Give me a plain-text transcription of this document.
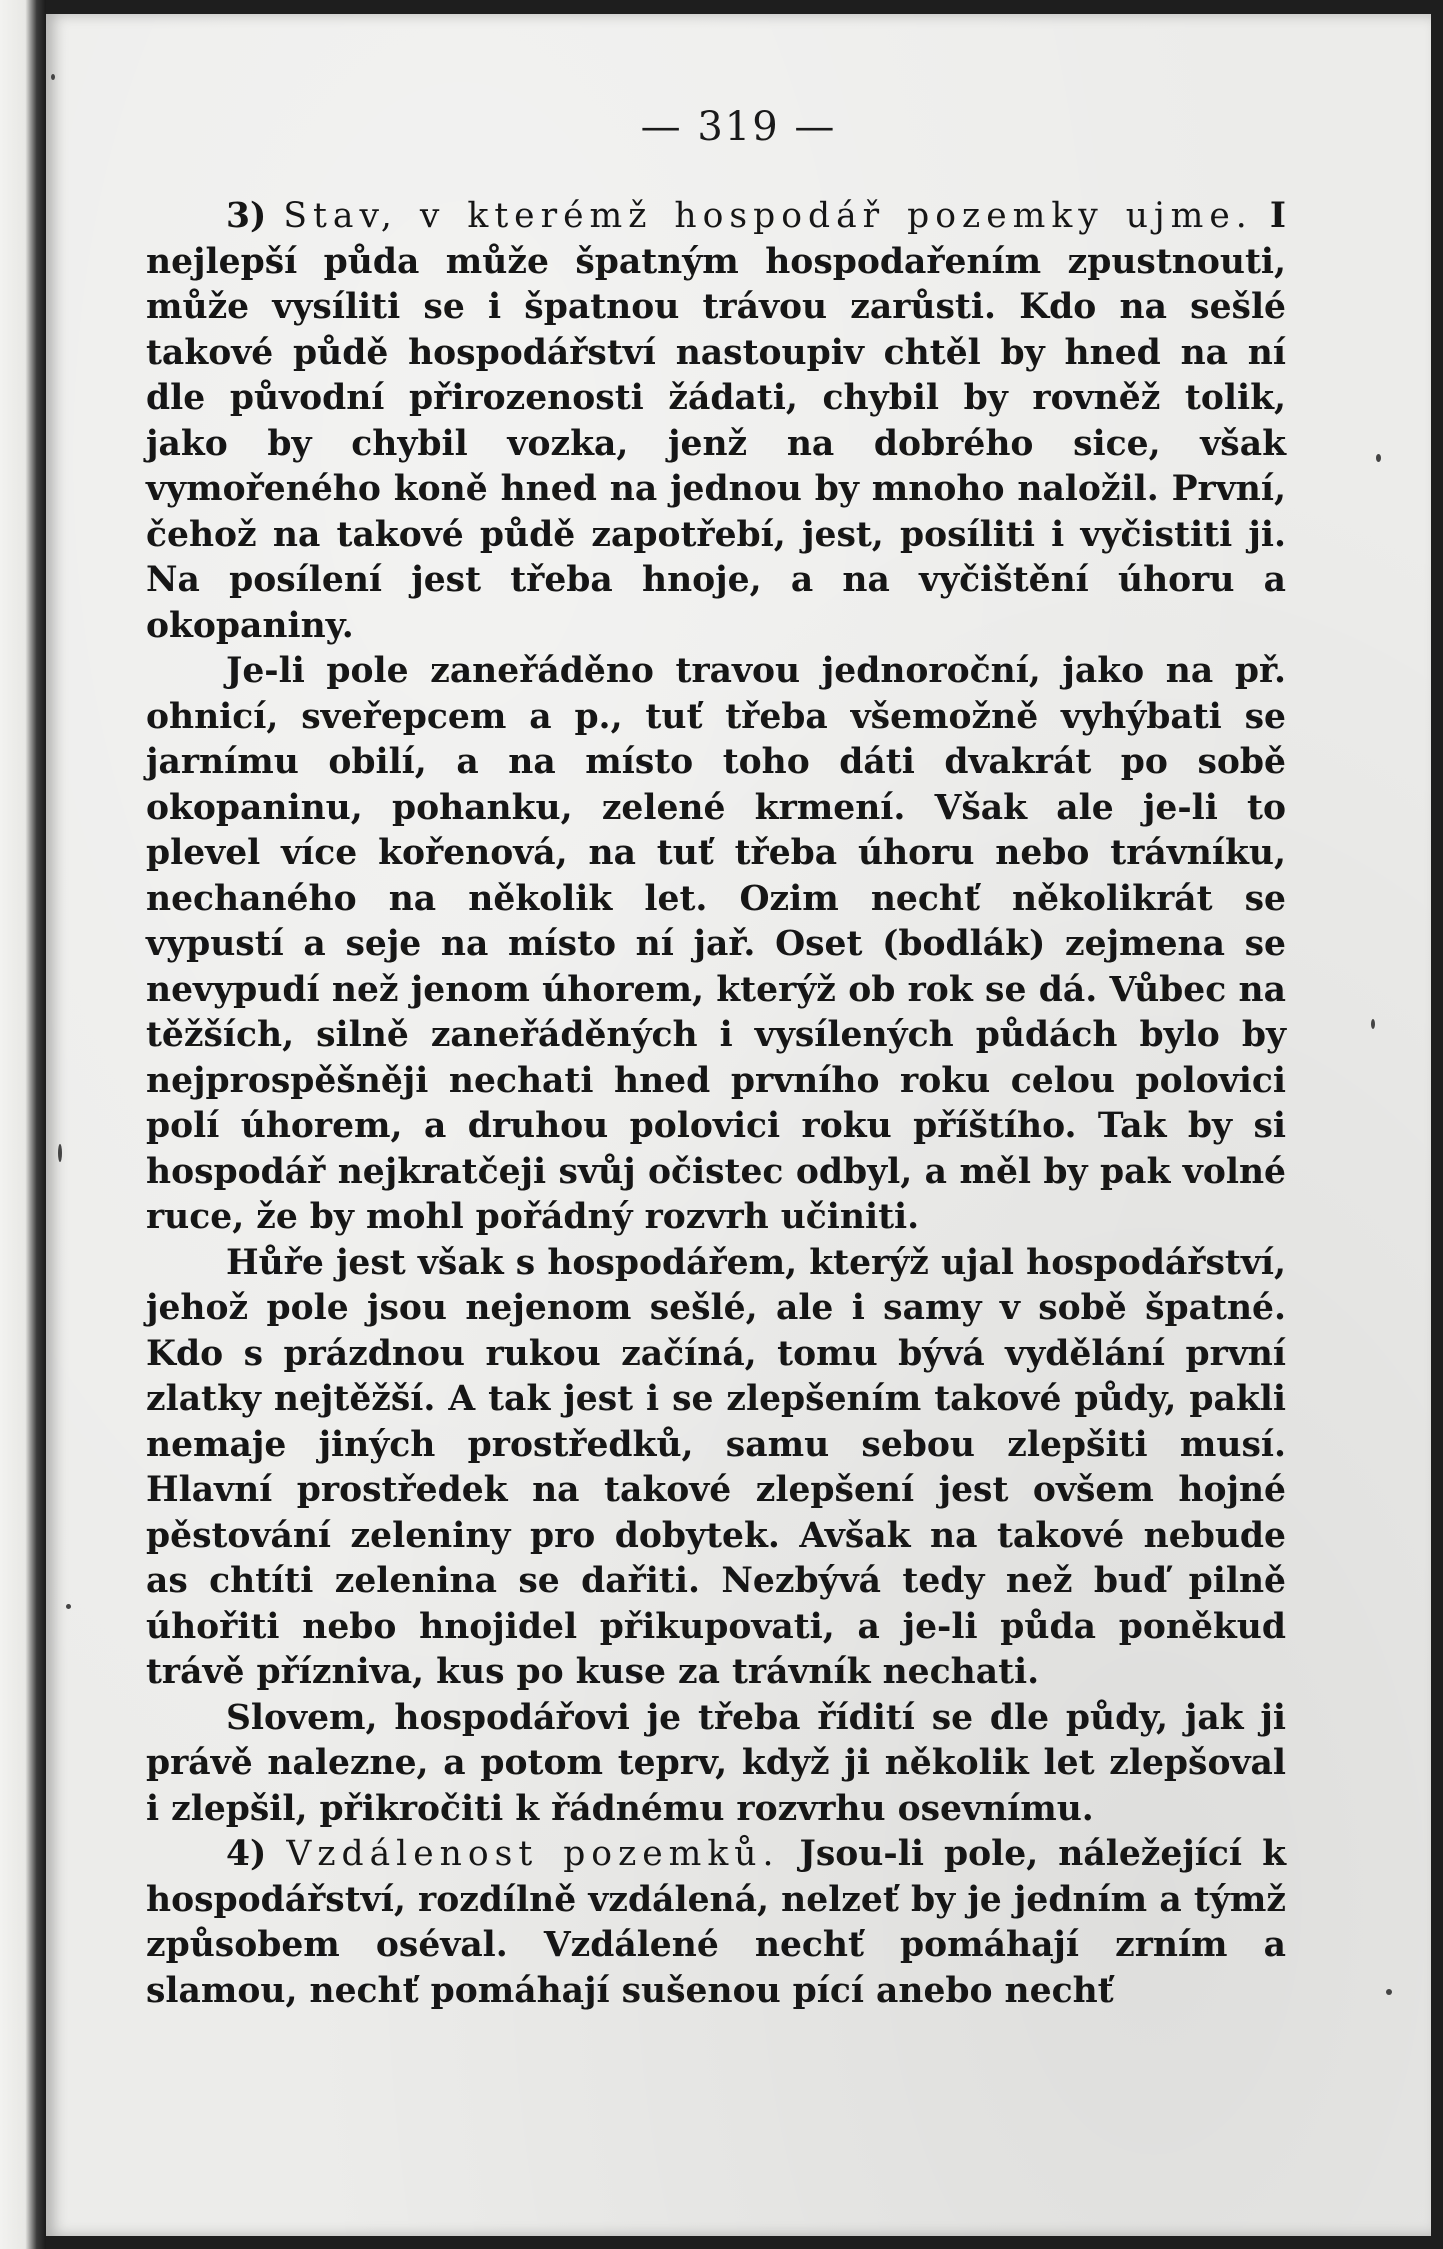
— 319 —

3) Stav, v kterémž hospodář pozemky ujme. I nejlepší půda může špatným hospodařením zpustnouti, může vysíliti se i špatnou trávou zarůsti. Kdo na sešlé takové půdě hospodářství nastoupiv chtěl by hned na ní dle původní přirozenosti žádati, chybil by rovněž tolik, jako by chybil vozka, jenž na dobrého sice, však vymořeného koně hned na jednou by mnoho naložil. První, čehož na takové půdě zapotřebí, jest, posíliti i vyčistiti ji. Na posílení jest třeba hnoje, a na vyčištění úhoru a okopaniny.

Je-li pole zaneřáděno travou jednoroční, jako na př. ohnicí, sveřepcem a p., tuť třeba všemožně vyhýbati se jarnímu obilí, a na místo toho dáti dvakrát po sobě okopaninu, pohanku, zelené krmení. Však ale je-li to plevel více kořenová, na tuť třeba úhoru nebo trávníku, nechaného na několik let. Ozim nechť několikrát se vypustí a seje na místo ní jař. Oset (bodlák) zejmena se nevypudí než jenom úhorem, kterýž ob rok se dá. Vůbec na těžších, silně zaneřáděných i vysílených půdách bylo by nejprospěšněji nechati hned prvního roku celou polovici polí úhorem, a druhou polovici roku příštího. Tak by si hospodář nejkratčeji svůj očistec odbyl, a měl by pak volné ruce, že by mohl pořádný rozvrh učiniti.

Hůře jest však s hospodářem, kterýž ujal hospodářství, jehož pole jsou nejenom sešlé, ale i samy v sobě špatné. Kdo s prázdnou rukou začíná, tomu bývá vydělání první zlatky nejtěžší. A tak jest i se zlepšením takové půdy, pakli nemaje jiných prostředků, samu sebou zlepšiti musí. Hlavní prostředek na takové zlepšení jest ovšem hojné pěstování zeleniny pro dobytek. Avšak na takové nebude as chtíti zelenina se dařiti. Nezbývá tedy než buď pilně úhořiti nebo hnojidel přikupovati, a je-li půda poněkud trávě přízniva, kus po kuse za trávník nechati.

Slovem, hospodářovi je třeba řídití se dle půdy, jak ji právě nalezne, a potom teprv, když ji několik let zlepšoval i zlepšil, přikročiti k řádnému rozvrhu osevnímu.

4) Vzdálenost pozemků. Jsou-li pole, náležející k hospodářství, rozdílně vzdálená, nelzeť by je jedním a týmž způsobem oséval. Vzdálené nechť pomáhají zrním a slamou, nechť pomáhají sušenou pící anebo nechť
